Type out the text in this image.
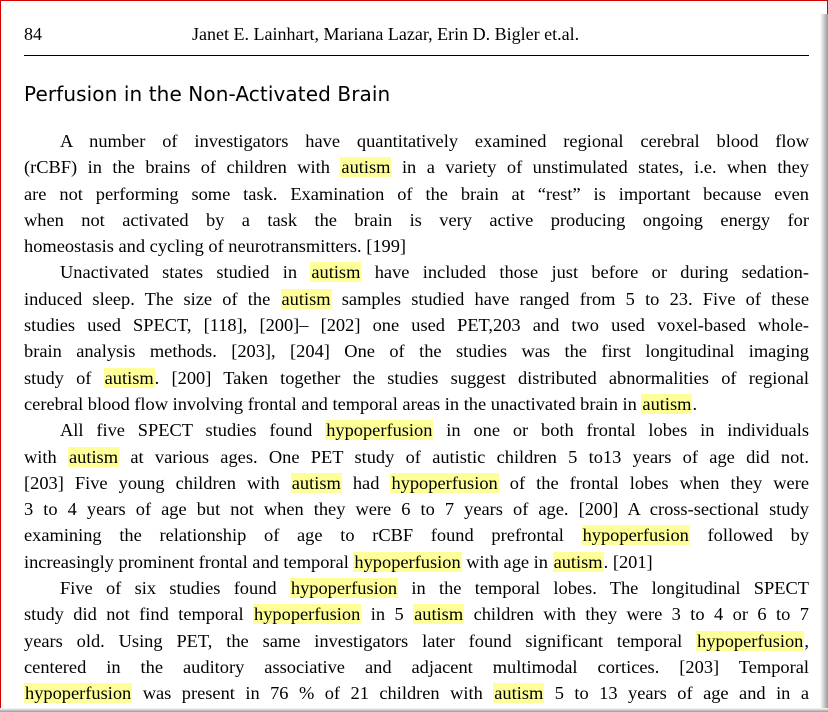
84	Janet E. Lainhart, Mariana Lazar, Erin D. Bigler et.al.
Perfusion in the Non-Activated Brain
A number of investigators have quantitatively examined regional cerebral blood flow
(rCBF) in the brains of children with autism in a variety of unstimulated states, i.e. when they
are not performing some task. Examination of the brain at “rest” is important because even
when not activated by a task the brain is very active producing ongoing energy for
homeostasis and cycling of neurotransmitters. [199]
Unactivated states studied in autism have included those just before or during sedation-
induced sleep. The size of the autism samples studied have ranged from 5 to 23. Five of these
studies used SPECT, [118], [200]– [202] one used PET,203 and two used voxel-based whole-
brain analysis methods. [203], [204] One of the studies was the first longitudinal imaging
study of autism. [200] Taken together the studies suggest distributed abnormalities of regional
cerebral blood flow involving frontal and temporal areas in the unactivated brain in autism.
All five SPECT studies found hypoperfusion in one or both frontal lobes in individuals
with autism at various ages. One PET study of autistic children 5 to13 years of age did not.
[203] Five young children with autism had hypoperfusion of the frontal lobes when they were
3 to 4 years of age but not when they were 6 to 7 years of age. [200] A cross-sectional study
examining the relationship of age to rCBF found prefrontal hypoperfusion followed by
increasingly prominent frontal and temporal hypoperfusion with age in autism. [201]
Five of six studies found hypoperfusion in the temporal lobes. The longitudinal SPECT
study did not find temporal hypoperfusion in 5 autism children with they were 3 to 4 or 6 to 7
years old. Using PET, the same investigators later found significant temporal hypoperfusion,
centered in the auditory associative and adjacent multimodal cortices. [203] Temporal
hypoperfusion was present in 76 % of 21 children with autism 5 to 13 years of age and in a
